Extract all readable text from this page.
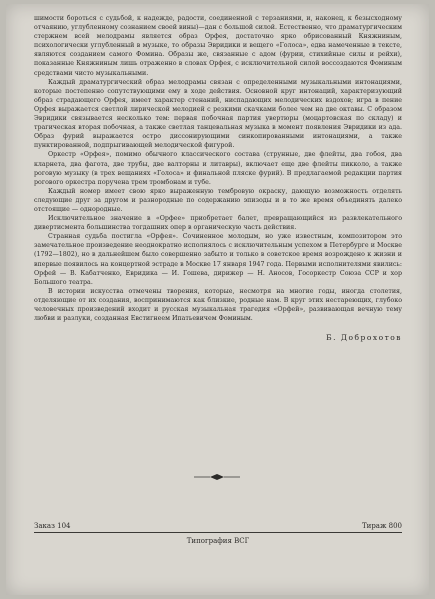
шимости бороться с судьбой, к надежде, радости, соединенной с терзаниями, и, наконец, к безысходному отчаянию, углубленному сознанием своей вины)—дан с большой силой. Естественно, что драматургическим стержнем всей мелодрамы является образ Орфея, достаточно ярко обрисованный Княжниным, психологически углубленный в музыке, то образы Эвридики и вещего «Голоса», едва намеченные в тексте, являются созданием самого Фомина. Образы же, связанные с адом (фурии, стихийные силы и рейхи), показанные Княжниным лишь отраженно в словах Орфея, с исключительной силой воссоздаются Фоминым средствами чисто музыкальными.

Каждый драматургический образ мелодрамы связан с определенными музыкальными интонациями, которые постепенно сопутствующими ему в ходе действия. Основной круг интонаций, характеризующий образ страдающего Орфея, имеет характер стенаний, ниспадающих мелодических вздохов; игра в пение Орфея выражается светлой лирической мелодией с резкими скачками более чем на две октавы. С образом Эвридики связывается несколько тем: первая побочная партия увертюры (моцартовская по складу) и трагическая вторая побочная, а также светлая танцевальная музыка в момент появления Эвридики из ада. Образ фурий выражается остро диссонирующими синкопированными интонациями, а также пунктированной, подпрыгивающей мелодической фигурой.

Оркестр «Орфея», помимо обычного классического состава (струнные, две флейты, два гобоя, два кларнета, два фагота, две трубы, две валторны и литавры), включает еще две флейты пикколо, а также роговую музыку (в трех вещаниях «Голоса» и финальной пляске фурий). В предлагаемой редакции партия рогового оркестра поручена трем тромбонам и тубе.

Каждый номер имеет свою ярко выраженную тембровую окраску, дающую возможность отделять следующие друг за другом и разнородные по содержанию эпизоды и в то же время объединять далеко отстоящие — однородные.

Исключительное значение в «Орфее» приобретает балет, превращающийся из развлекательного дивертисмента большинства тогдашних опер в органическую часть действия.

Странная судьба постигла «Орфея». Сочиненное молодым, но уже известным, композитором это замечательное произведение неоднократно исполнялось с исключительным успехом в Петербурге и Москве (1792—1802), но в дальнейшем было совершенно забыто и только в советское время возрождено к жизни и впервые появилось на концертной эстраде в Москве 17 января 1947 года. Первыми исполнителями явились: Орфей — В. Кабатченко, Евридика — И. Гошева, дирижер — Н. Аносов, Госоркестр Союза ССР и хор Большого театра.

В истории искусства отмечены творения, которые, несмотря на многие годы, иногда столетия, отделяющие от их создания, воспринимаются как близкие, родные нам. В круг этих нестареющих, глубоко человечных произведений входит и русская музыкальная трагедия «Орфей», развивающая вечную тему любви и разлуки, созданная Евстигнеем Ипатьевичем Фоминым.

Б. Доброхотов
Заказ 104	Тираж 800
Типография ВСГ
